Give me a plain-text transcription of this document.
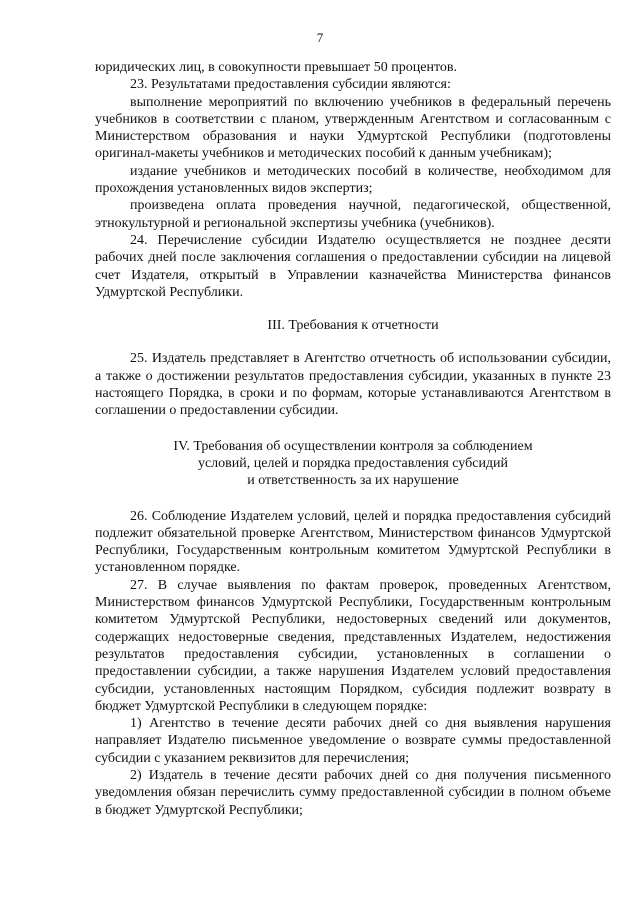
7

юридических лиц, в совокупности превышает 50 процентов.

23. Результатами предоставления субсидии являются:

выполнение мероприятий по включению учебников в федеральный перечень учебников в соответствии с планом, утвержденным Агентством и согласованным с Министерством образования и науки Удмуртской Республики (подготовлены оригинал-макеты учебников и методических пособий к данным учебникам);

издание учебников и методических пособий в количестве, необходимом для прохождения установленных видов экспертиз;

произведена оплата проведения научной, педагогической, общественной, этнокультурной и региональной экспертизы учебника (учебников).

24. Перечисление субсидии Издателю осуществляется не позднее десяти рабочих дней после заключения соглашения о предоставлении субсидии на лицевой счет Издателя, открытый в Управлении казначейства Министерства финансов Удмуртской Республики.

III. Требования к отчетности

25. Издатель представляет в Агентство отчетность об использовании субсидии, а также о достижении результатов предоставления субсидии, указанных в пункте 23 настоящего Порядка, в сроки и по формам, которые устанавливаются Агентством в соглашении о предоставлении субсидии.

IV. Требования об осуществлении контроля за соблюдением

условий, целей и порядка предоставления субсидий

и ответственность за их нарушение

26. Соблюдение Издателем условий, целей и порядка предоставления субсидий подлежит обязательной проверке Агентством, Министерством финансов Удмуртской Республики, Государственным контрольным комитетом Удмуртской Республики в установленном порядке.

27. В случае выявления по фактам проверок, проведенных Агентством, Министерством финансов Удмуртской Республики, Государственным контрольным комитетом Удмуртской Республики, недостоверных сведений или документов, содержащих недостоверные сведения, представленных Издателем, недостижения результатов предоставления субсидии, установленных в соглашении о предоставлении субсидии, а также нарушения Издателем условий предоставления субсидии, установленных настоящим Порядком, субсидия подлежит возврату в бюджет Удмуртской Республики в следующем порядке:

1) Агентство в течение десяти рабочих дней со дня выявления нарушения направляет Издателю письменное уведомление о возврате суммы предоставленной субсидии с указанием реквизитов для перечисления;

2) Издатель в течение десяти рабочих дней со дня получения письменного уведомления обязан перечислить сумму предоставленной субсидии в полном объеме в бюджет Удмуртской Республики;
